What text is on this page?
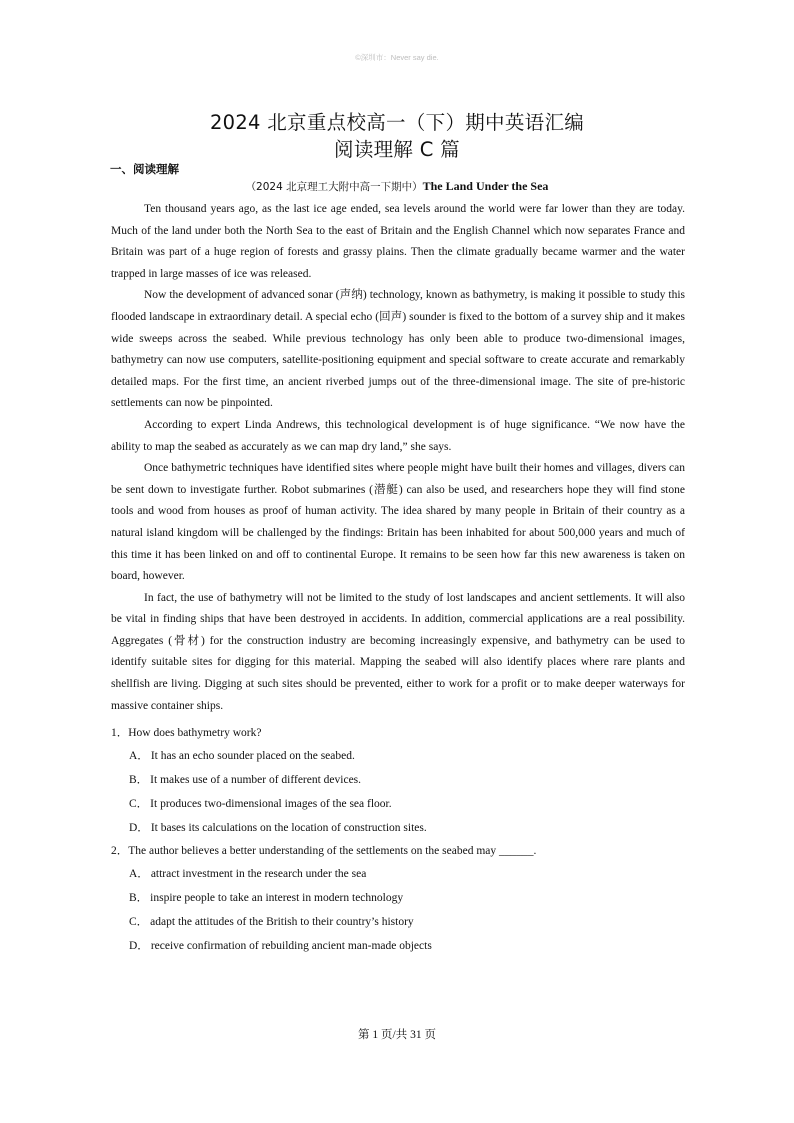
©深圳市：Never say die.
2024 北京重点校高一（下）期中英语汇编
阅读理解 C 篇
一、阅读理解
（2024 北京理工大附中高一下期中）The Land Under the Sea

Ten thousand years ago, as the last ice age ended, sea levels around the world were far lower than they are today. Much of the land under both the North Sea to the east of Britain and the English Channel which now separates France and Britain was part of a huge region of forests and grassy plains. Then the climate gradually became warmer and the water trapped in large masses of ice was released.

Now the development of advanced sonar (声纳) technology, known as bathymetry, is making it possible to study this flooded landscape in extraordinary detail. A special echo (回声) sounder is fixed to the bottom of a survey ship and it makes wide sweeps across the seabed. While previous technology has only been able to produce two-dimensional images, bathymetry can now use computers, satellite-positioning equipment and special software to create accurate and remarkably detailed maps. For the first time, an ancient riverbed jumps out of the three-dimensional image. The site of pre-historic settlements can now be pinpointed.

According to expert Linda Andrews, this technological development is of huge significance. “We now have the ability to map the seabed as accurately as we can map dry land,” she says.

Once bathymetric techniques have identified sites where people might have built their homes and villages, divers can be sent down to investigate further. Robot submarines (潜艇) can also be used, and researchers hope they will find stone tools and wood from houses as proof of human activity. The idea shared by many people in Britain of their country as a natural island kingdom will be challenged by the findings: Britain has been inhabited for about 500,000 years and much of this time it has been linked on and off to continental Europe. It remains to be seen how far this new awareness is taken on board, however.

In fact, the use of bathymetry will not be limited to the study of lost landscapes and ancient settlements. It will also be vital in finding ships that have been destroyed in accidents. In addition, commercial applications are a real possibility. Aggregates (骨材) for the construction industry are becoming increasingly expensive, and bathymetry can be used to identify suitable sites for digging for this material. Mapping the seabed will also identify places where rare plants and shellfish are living. Digging at such sites should be prevented, either to work for a profit or to make deeper waterways for massive container ships.

1．How does bathymetry work?
A． It has an echo sounder placed on the seabed.
B． It makes use of a number of different devices.
C． It produces two-dimensional images of the sea floor.
D． It bases its calculations on the location of construction sites.
2．The author believes a better understanding of the settlements on the seabed may ______.
A． attract investment in the research under the sea
B． inspire people to take an interest in modern technology
C． adapt the attitudes of the British to their country’s history
D． receive confirmation of rebuilding ancient man-made objects
第 1 页/共 31 页
